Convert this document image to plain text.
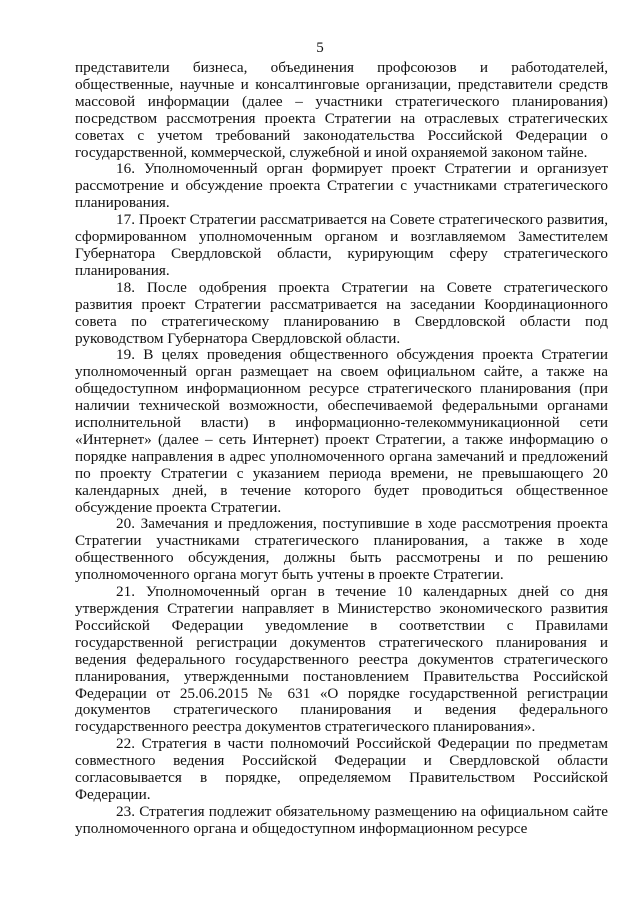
5

представители бизнеса, объединения профсоюзов и работодателей, общественные, научные и консалтинговые организации, представители средств массовой информации (далее – участники стратегического планирования) посредством рассмотрения проекта Стратегии на отраслевых стратегических советах с учетом требований законодательства Российской Федерации о государственной, коммерческой, служебной и иной охраняемой законом тайне.

16. Уполномоченный орган формирует проект Стратегии и организует рассмотрение и обсуждение проекта Стратегии с участниками стратегического планирования.

17. Проект Стратегии рассматривается на Совете стратегического развития, сформированном уполномоченным органом и возглавляемом Заместителем Губернатора Свердловской области, курирующим сферу стратегического планирования.

18. После одобрения проекта Стратегии на Совете стратегического развития проект Стратегии рассматривается на заседании Координационного совета по стратегическому планированию в Свердловской области под руководством Губернатора Свердловской области.

19. В целях проведения общественного обсуждения проекта Стратегии уполномоченный орган размещает на своем официальном сайте, а также на общедоступном информационном ресурсе стратегического планирования (при наличии технической возможности, обеспечиваемой федеральными органами исполнительной власти) в информационно-телекоммуникационной сети «Интернет» (далее – сеть Интернет) проект Стратегии, а также информацию о порядке направления в адрес уполномоченного органа замечаний и предложений по проекту Стратегии с указанием периода времени, не превышающего 20 календарных дней, в течение которого будет проводиться общественное обсуждение проекта Стратегии.

20. Замечания и предложения, поступившие в ходе рассмотрения проекта Стратегии участниками стратегического планирования, а также в ходе общественного обсуждения, должны быть рассмотрены и по решению уполномоченного органа могут быть учтены в проекте Стратегии.

21. Уполномоченный орган в течение 10 календарных дней со дня утверждения Стратегии направляет в Министерство экономического развития Российской Федерации уведомление в соответствии с Правилами государственной регистрации документов стратегического планирования и ведения федерального государственного реестра документов стратегического планирования, утвержденными постановлением Правительства Российской Федерации от 25.06.2015 № 631 «О порядке государственной регистрации документов стратегического планирования и ведения федерального государственного реестра документов стратегического планирования».

22. Стратегия в части полномочий Российской Федерации по предметам совместного ведения Российской Федерации и Свердловской области согласовывается в порядке, определяемом Правительством Российской Федерации.

23. Стратегия подлежит обязательному размещению на официальном сайте уполномоченного органа и общедоступном информационном ресурсе
